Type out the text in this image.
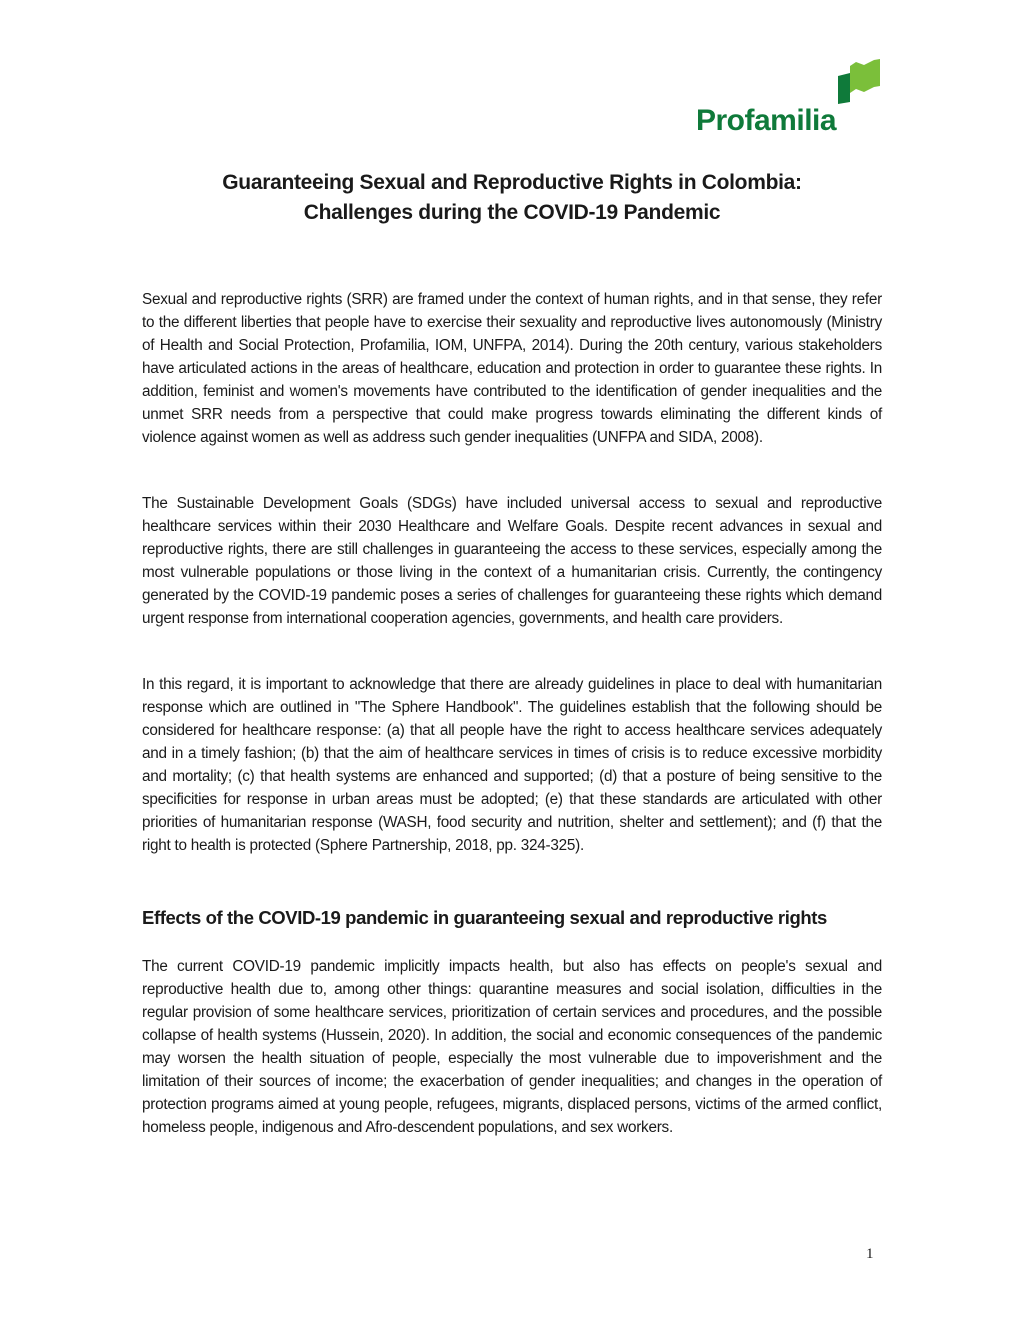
Profamilia
Guaranteeing Sexual and Reproductive Rights in Colombia:
Challenges during the COVID-19 Pandemic

Sexual and reproductive rights (SRR) are framed under the context of human rights, and in that sense, they refer to the different liberties that people have to exercise their sexuality and reproductive lives autonomously (Ministry of Health and Social Protection, Profamilia, IOM, UNFPA, 2014). During the 20th century, various stakeholders have articulated actions in the areas of healthcare, education and protection in order to guarantee these rights. In addition, feminist and women's movements have contributed to the identification of gender inequalities and the unmet SRR needs from a perspective that could make progress towards eliminating the different kinds of violence against women as well as address such gender inequalities (UNFPA and SIDA, 2008).

The Sustainable Development Goals (SDGs) have included universal access to sexual and reproductive healthcare services within their 2030 Healthcare and Welfare Goals. Despite recent advances in sexual and reproductive rights, there are still challenges in guaranteeing the access to these services, especially among the most vulnerable populations or those living in the context of a humanitarian crisis. Currently, the contingency generated by the COVID-19 pandemic poses a series of challenges for guaranteeing these rights which demand urgent response from international cooperation agencies, governments, and health care providers.

In this regard, it is important to acknowledge that there are already guidelines in place to deal with humanitarian response which are outlined in "The Sphere Handbook". The guidelines establish that the following should be considered for healthcare response: (a) that all people have the right to access healthcare services adequately and in a timely fashion; (b) that the aim of healthcare services in times of crisis is to reduce excessive morbidity and mortality; (c) that health systems are enhanced and supported; (d) that a posture of being sensitive to the specificities for response in urban areas must be adopted; (e) that these standards are articulated with other priorities of humanitarian response (WASH, food security and nutrition, shelter and settlement); and (f) that the right to health is protected (Sphere Partnership, 2018, pp. 324-325).

Effects of the COVID-19 pandemic in guaranteeing sexual and reproductive rights

The current COVID-19 pandemic implicitly impacts health, but also has effects on people's sexual and reproductive health due to, among other things: quarantine measures and social isolation, difficulties in the regular provision of some healthcare services, prioritization of certain services and procedures, and the possible collapse of health systems (Hussein, 2020). In addition, the social and economic consequences of the pandemic may worsen the health situation of people, especially the most vulnerable due to impoverishment and the limitation of their sources of income; the exacerbation of gender inequalities; and changes in the operation of protection programs aimed at young people, refugees, migrants, displaced persons, victims of the armed conflict, homeless people, indigenous and Afro-descendent populations, and sex workers.

1
